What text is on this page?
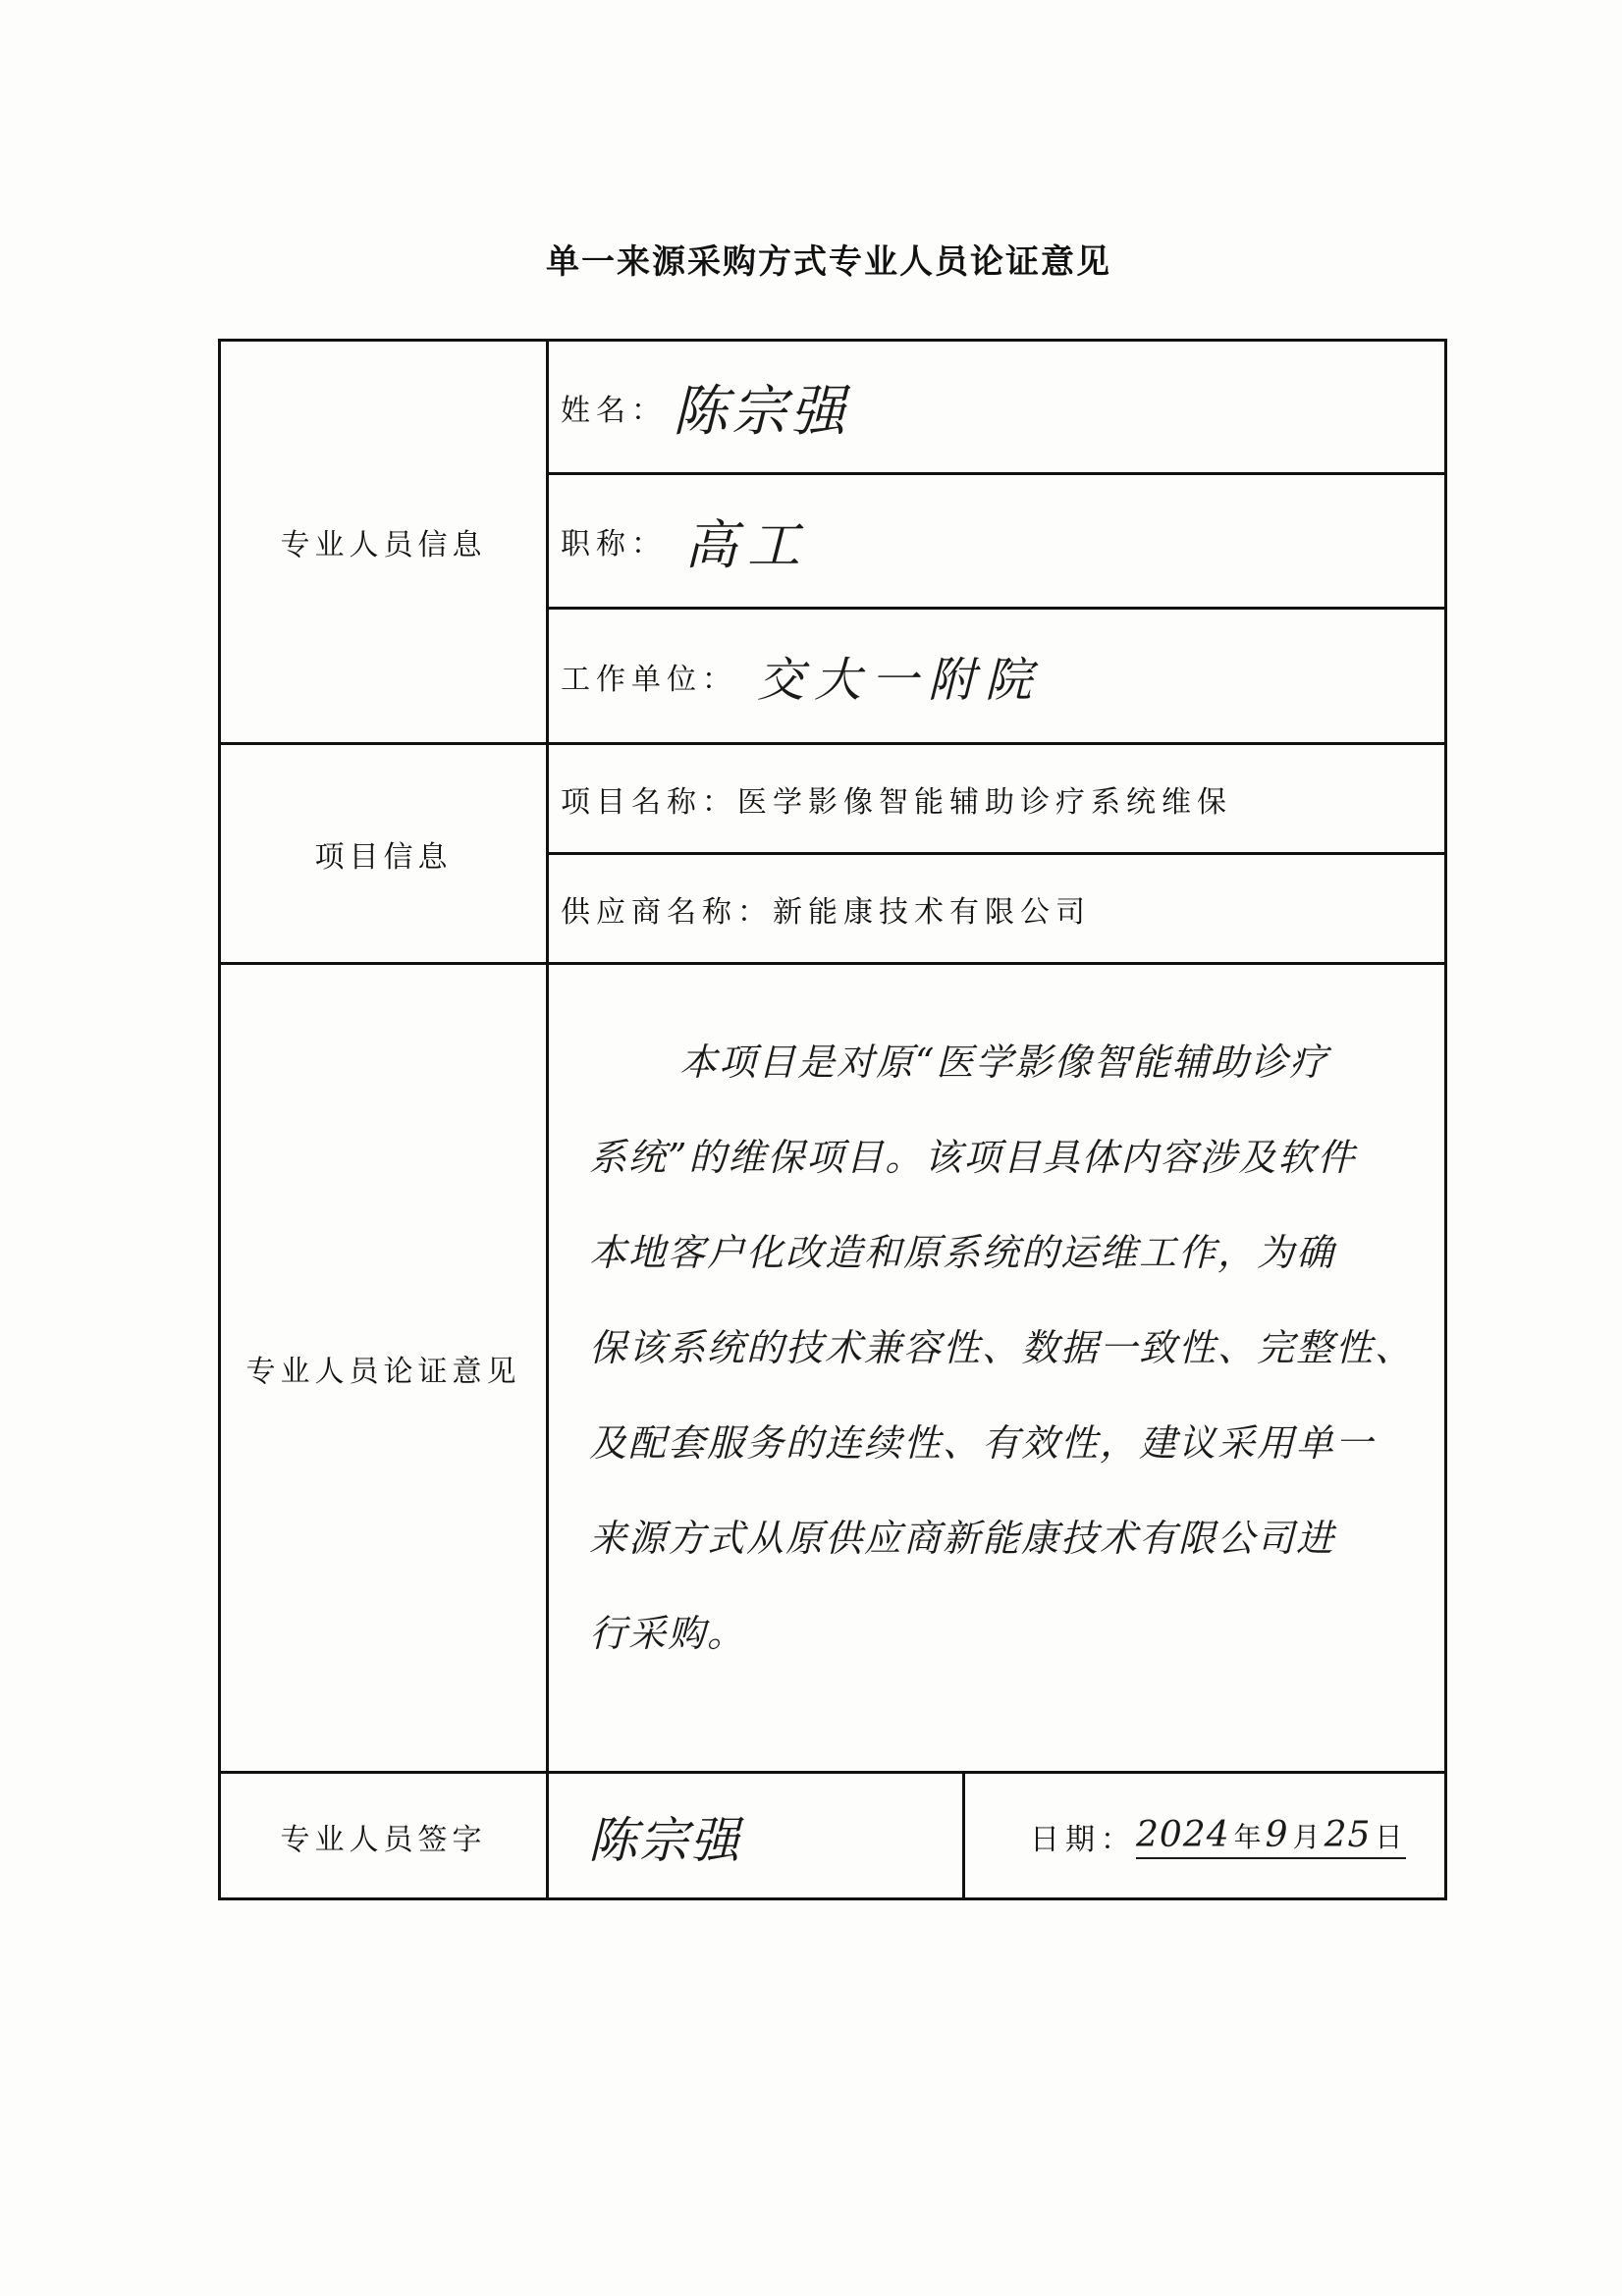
单一来源采购方式专业人员论证意见
专业人员信息
项目信息
专业人员论证意见
专业人员签字
姓名： 陈宗强
职称： 高工
工作单位： 交大一附院
项目名称： 医学影像智能辅助诊疗系统维保
供应商名称： 新能康技术有限公司
本项目是对原“医学影像智能辅助诊疗
系统”的维保项目。该项目具体内容涉及软件
本地客户化改造和原系统的运维工作，为确
保该系统的技术兼容性、数据一致性、完整性、
及配套服务的连续性、有效性，建议采用单一
来源方式从原供应商新能康技术有限公司进
行采购。
陈宗强	日期： 2024 年 9 月 25 日
